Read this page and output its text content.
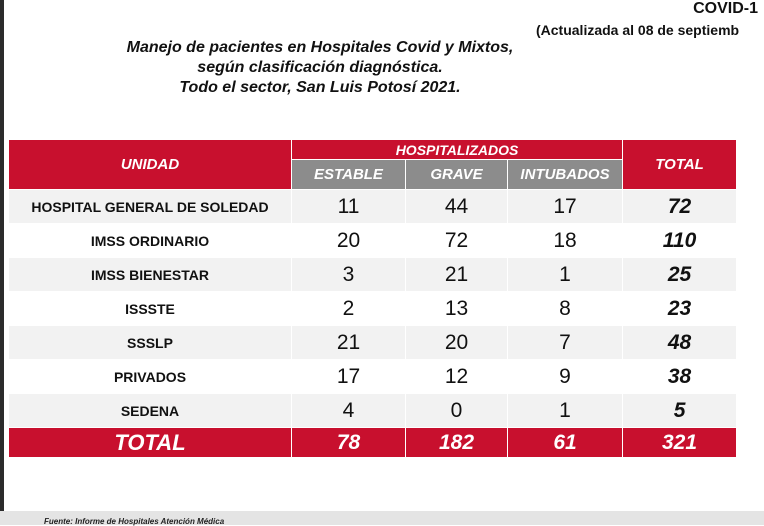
COVID-1
(Actualizada al 08 de septiemb
Manejo de pacientes en Hospitales Covid y Mixtos,
según clasificación diagnóstica.
Todo el sector, San Luis Potosí 2021.
UNIDAD	HOSPITALIZADOS			TOTAL
	ESTABLE	GRAVE	INTUBADOS	
HOSPITAL GENERAL DE SOLEDAD	11	44	17	72
IMSS ORDINARIO	20	72	18	110
IMSS BIENESTAR	3	21	1	25
ISSSTE	2	13	8	23
SSSLP	21	20	7	48
PRIVADOS	17	12	9	38
SEDENA	4	0	1	5
TOTAL	78	182	61	321
Fuente: Informe de Hospitales Atención Médica
